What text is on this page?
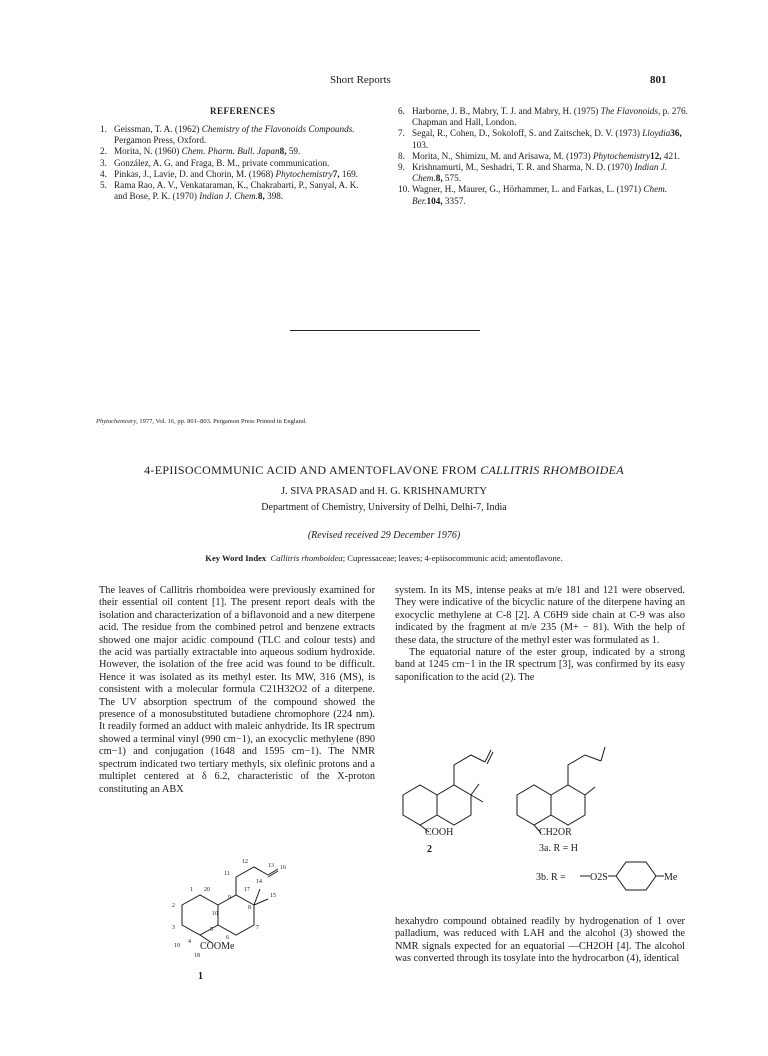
Short Reports	801
REFERENCES
1. Geissman, T. A. (1962) Chemistry of the Flavonoids Compounds. Pergamon Press, Oxford.
2. Morita, N. (1960) Chem. Pharm. Bull. Japan8, 59.
3. González, A. G. and Fraga, B. M., private communication.
4. Pinkas, J., Lavie, D. and Chorin, M. (1968) Phytochemistry7, 169.
5. Rama Rao, A. V., Venkataraman, K., Chakrabarti, P., Sanyal, A. K. and Bose, P. K. (1970) Indian J. Chem.8, 398.
6. Harborne, J. B., Mabry, T. J. and Mabry, H. (1975) The Flavonoids, p. 276. Chapman and Hall, London.
7. Segal, R., Cohen, D., Sokoloff, S. and Zaitschek, D. V. (1973) Lloydia36, 103.
8. Morita, N., Shimizu, M. and Arisawa, M. (1973) Phytochemistry12, 421.
9. Krishnamurti, M., Seshadri, T. R. and Sharma, N. D. (1970) Indian J. Chem.8, 575.
10. Wagner, H., Maurer, G., Hörhammer, L. and Farkas, L. (1971) Chem. Ber.104, 3357.
Phytochemistry, 1977, Vol. 16, pp. 801–803. Pergamon Press Printed in England.
4-EPIISOCOMMUNIC ACID AND AMENTOFLAVONE FROM CALLITRIS RHOMBOIDEA
J. SIVA PRASAD and H. G. KRISHNAMURTY
Department of Chemistry, University of Delhi, Delhi-7, India
(Revised received 29 December 1976)
Key Word Index Callitris rhomboidea; Cupressaceae; leaves; 4-epiisocommunic acid; amentoflavone.

The leaves of Callitris rhomboidea were previously examined for their essential oil content [1]. The present report deals with the isolation and characterization of a biflavonoid and a new diterpene acid. The residue from the combined petrol and benzene extracts showed one major acidic compound (TLC and colour tests) and the acid was partially extractable into aqueous sodium hydroxide. However, the isolation of the free acid was found to be difficult. Hence it was isolated as its methyl ester. Its MW, 316 (MS), is consistent with a molecular formula C21H32O2 of a diterpene. The UV absorption spectrum of the compound showed the presence of a monosubstituted butadiene chromophore (224 nm). It readily formed an adduct with maleic anhydride. Its IR spectrum showed a terminal vinyl (990 cm−1), an exocyclic methylene (890 cm−1) and conjugation (1648 and 1595 cm−1). The NMR spectrum indicated two tertiary methyls, six olefinic protons and a multiplet centered at δ 6.2, characteristic of the X-proton constituting an ABX

system. In its MS, intense peaks at m/e 181 and 121 were observed. They were indicative of the bicyclic nature of the diterpene having an exocyclic methylene at C-8 [2]. A C6H9 side chain at C-9 was also indicated by the fragment at m/e 235 (M+ − 81). With the help of these data, the structure of the methyl ester was formulated as 1.

The equatorial nature of the ester group, indicated by a strong band at 1245 cm−1 in the IR spectrum [3], was confirmed by its easy saponification to the acid (2). The

hexahydro compound obtained readily by hydrogenation of 1 over palladium, was reduced with LAH and the alcohol (3) showed the NMR signals expected for an equatorial —CH2OH [4]. The alcohol was converted through its tosylate into the hydrocarbon (4), identical

12
13 16
11
14
1 20	17
15
9
2
10
8
3	5	7
19
4
6
18
COOMe
1
COOH
2
CH2OR
3a. R = H
3b. R = O2S	Me
